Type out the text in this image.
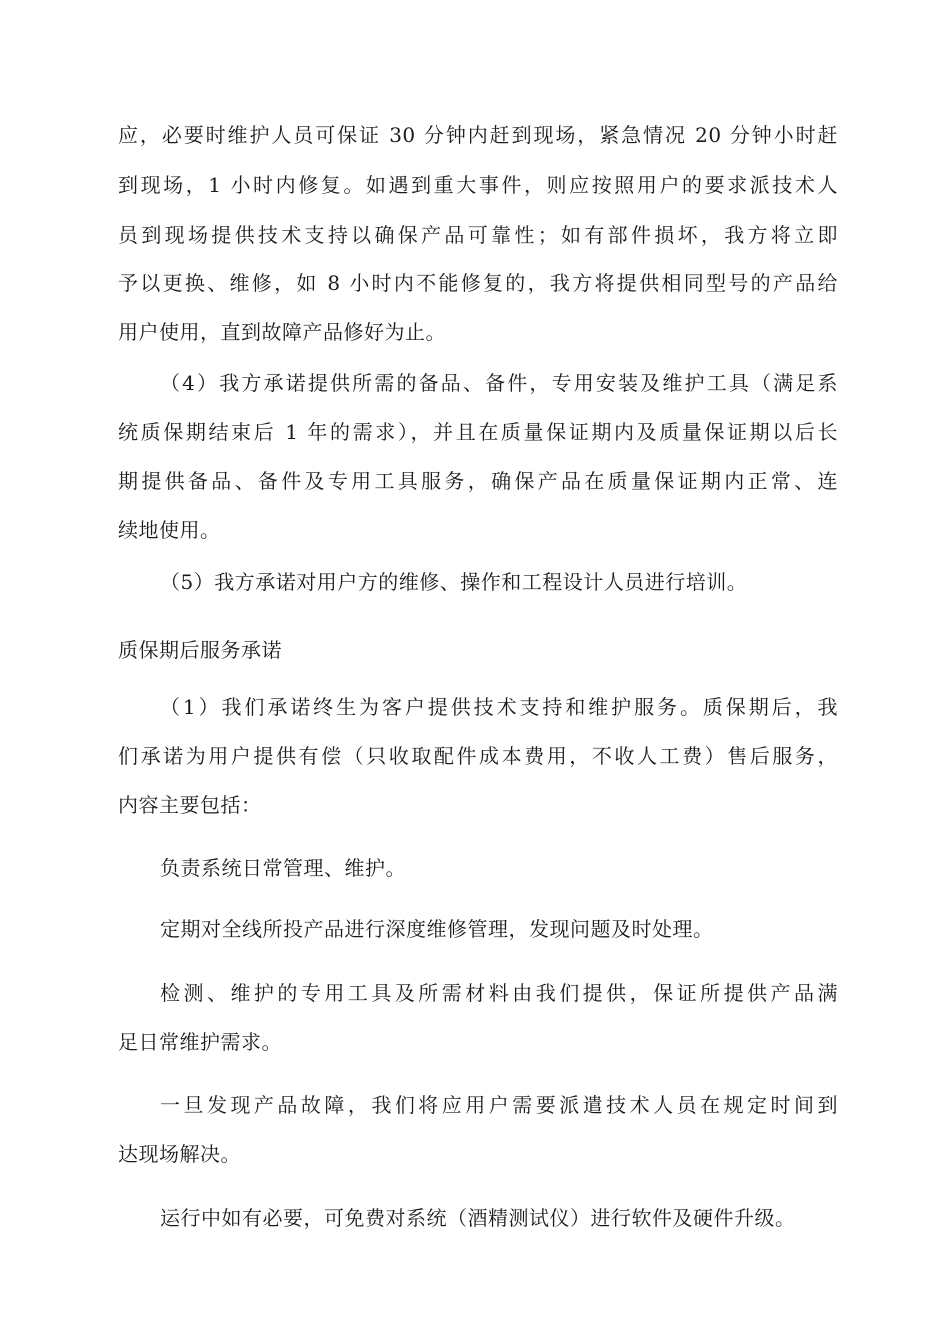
应，必要时维护人员可保证 30 分钟内赶到现场，紧急情况 20 分钟小时赶
到现场，1 小时内修复。如遇到重大事件，则应按照用户的要求派技术人
员到现场提供技术支持以确保产品可靠性；如有部件损坏，我方将立即
予以更换、维修，如 8 小时内不能修复的，我方将提供相同型号的产品给
用户使用，直到故障产品修好为止。
（4）我方承诺提供所需的备品、备件，专用安装及维护工具（满足系
统质保期结束后 1 年的需求），并且在质量保证期内及质量保证期以后长
期提供备品、备件及专用工具服务，确保产品在质量保证期内正常、连
续地使用。
（5）我方承诺对用户方的维修、操作和工程设计人员进行培训。
质保期后服务承诺
（1）我们承诺终生为客户提供技术支持和维护服务。质保期后，我
们承诺为用户提供有偿（只收取配件成本费用，不收人工费）售后服务，
内容主要包括：
负责系统日常管理、维护。
定期对全线所投产品进行深度维修管理，发现问题及时处理。
检测、维护的专用工具及所需材料由我们提供，保证所提供产品满
足日常维护需求。
一旦发现产品故障，我们将应用户需要派遣技术人员在规定时间到
达现场解决。
运行中如有必要，可免费对系统（酒精测试仪）进行软件及硬件升级。
